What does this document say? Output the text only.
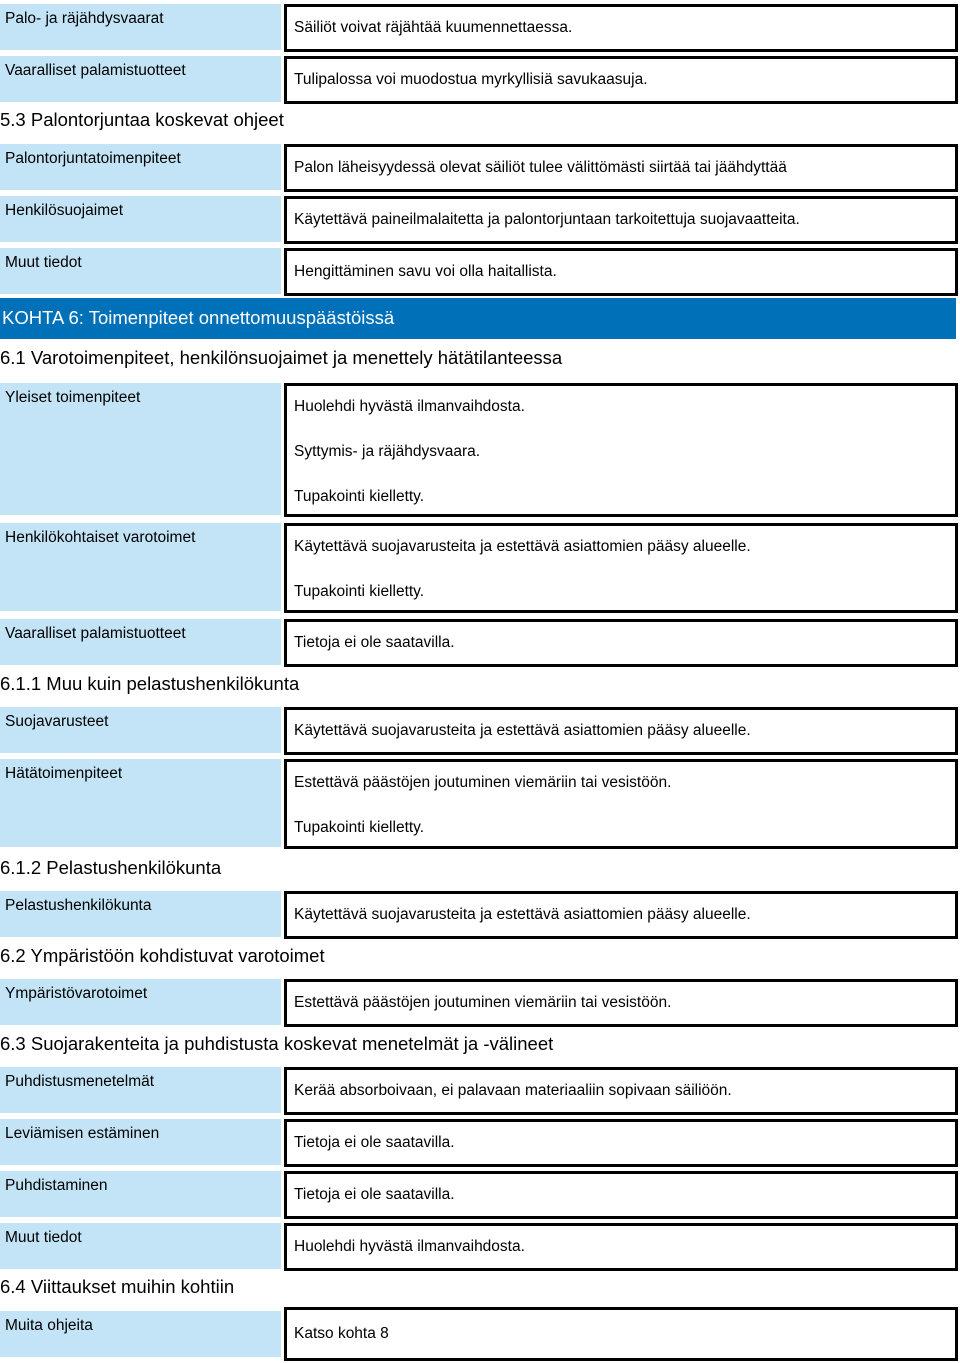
Palo- ja räjähdysvaarat
Säiliöt voivat räjähtää kuumennettaessa.
Vaaralliset palamistuotteet
Tulipalossa voi muodostua myrkyllisiä savukaasuja.
5.3 Palontorjuntaa koskevat ohjeet
Palontorjuntatoimenpiteet
Palon läheisyydessä olevat säiliöt tulee välittömästi siirtää tai jäähdyttää
Henkilösuojaimet
Käytettävä paineilmalaitetta ja palontorjuntaan tarkoitettuja suojavaatteita.
Muut tiedot
Hengittäminen savu voi olla haitallista.
KOHTA 6: Toimenpiteet onnettomuuspäästöissä
6.1 Varotoimenpiteet, henkilönsuojaimet ja menettely hätätilanteessa
Yleiset toimenpiteet
Huolehdi hyvästä ilmanvaihdosta.
Syttymis- ja räjähdysvaara.
Tupakointi kielletty.
Henkilökohtaiset varotoimet
Käytettävä suojavarusteita ja estettävä asiattomien pääsy alueelle.
Tupakointi kielletty.
Vaaralliset palamistuotteet
Tietoja ei ole saatavilla.
6.1.1 Muu kuin pelastushenkilökunta
Suojavarusteet
Käytettävä suojavarusteita ja estettävä asiattomien pääsy alueelle.
Hätätoimenpiteet
Estettävä päästöjen joutuminen viemäriin tai vesistöön.
Tupakointi kielletty.
6.1.2 Pelastushenkilökunta
Pelastushenkilökunta
Käytettävä suojavarusteita ja estettävä asiattomien pääsy alueelle.
6.2 Ympäristöön kohdistuvat varotoimet
Ympäristövarotoimet
Estettävä päästöjen joutuminen viemäriin tai vesistöön.
6.3 Suojarakenteita ja puhdistusta koskevat menetelmät ja -välineet
Puhdistusmenetelmät
Kerää absorboivaan, ei palavaan materiaaliin sopivaan säiliöön.
Leviämisen estäminen
Tietoja ei ole saatavilla.
Puhdistaminen
Tietoja ei ole saatavilla.
Muut tiedot
Huolehdi hyvästä ilmanvaihdosta.
6.4 Viittaukset muihin kohtiin
Muita ohjeita	Katso kohta 8
